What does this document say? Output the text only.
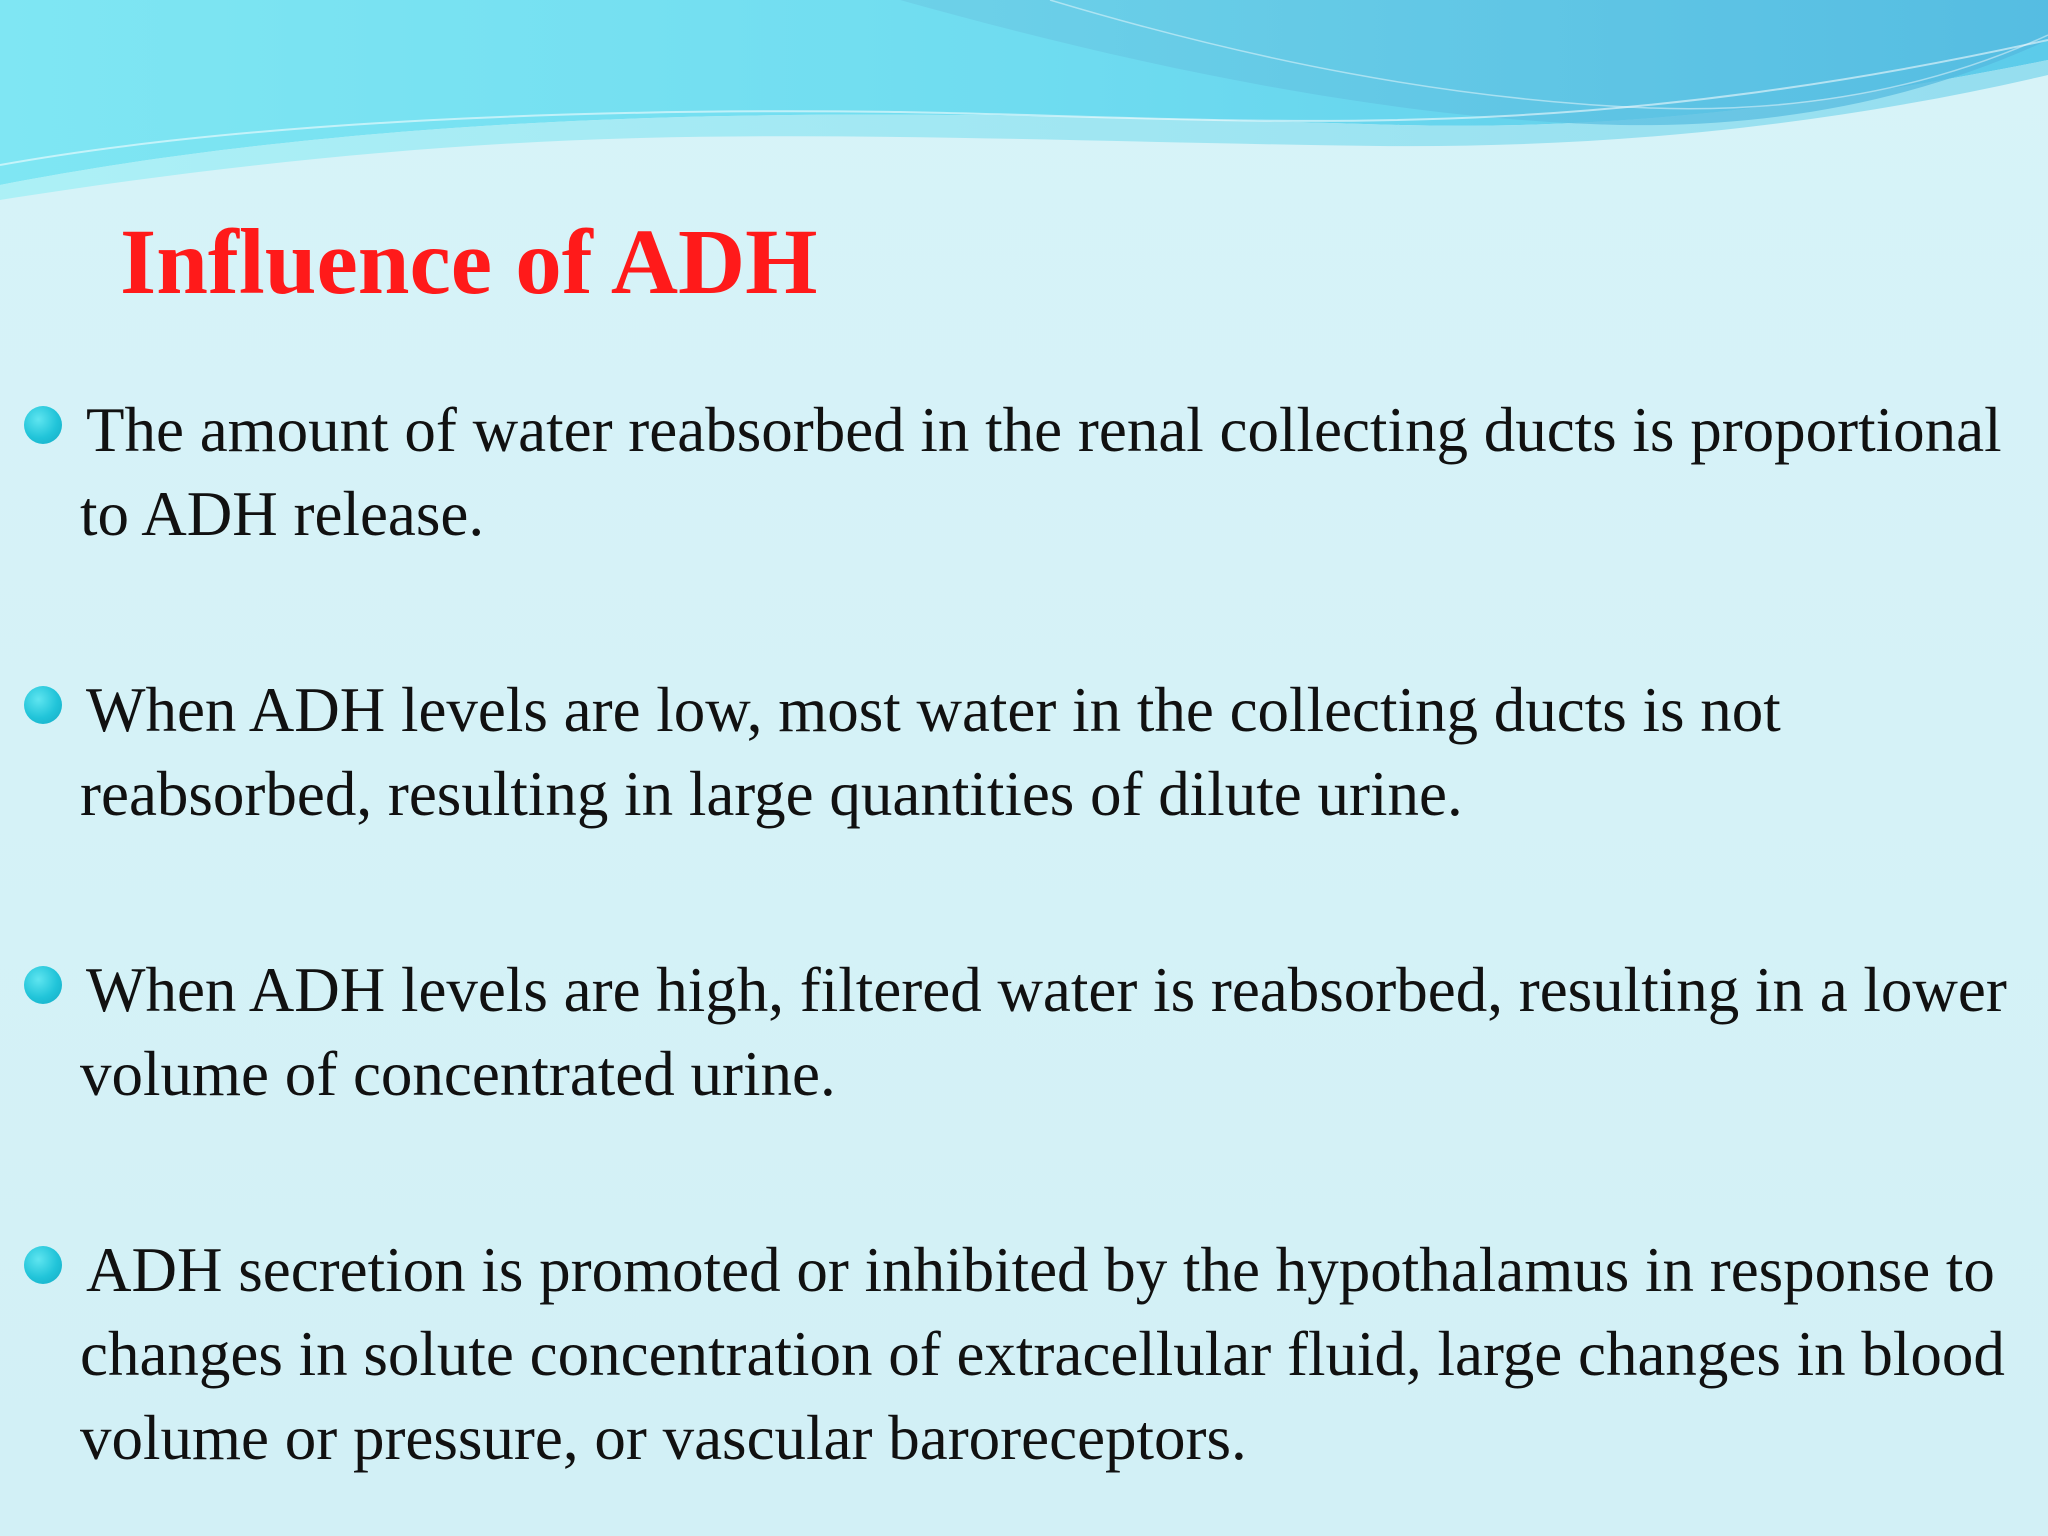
Influence of ADH

The amount of water reabsorbed in the renal collecting ducts is proportional to ADH release.

When ADH levels are low, most water in the collecting ducts is not reabsorbed, resulting in large quantities of dilute urine.

When ADH levels are high, filtered water is reabsorbed, resulting in a lower volume of concentrated urine.

ADH secretion is promoted or inhibited by the hypothalamus in response to changes in solute concentration of extracellular fluid, large changes in blood volume or pressure, or vascular baroreceptors.
